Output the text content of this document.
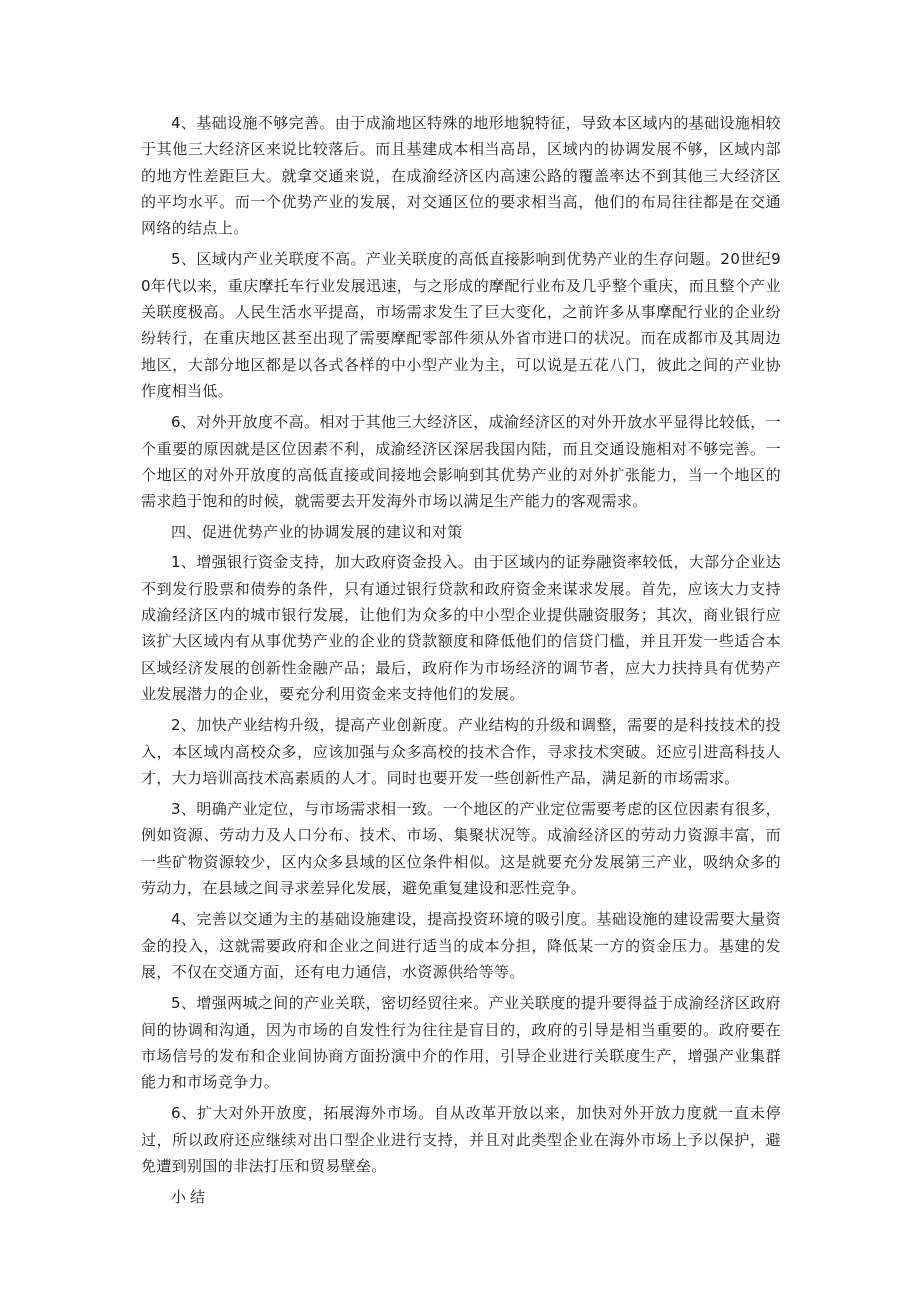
4、基础设施不够完善。由于成渝地区特殊的地形地貌特征，导致本区域内的基础设施相较于其他三大经济区来说比较落后。而且基建成本相当高昂，区域内的协调发展不够，区域内部的地方性差距巨大。就拿交通来说，在成渝经济区内高速公路的覆盖率达不到其他三大经济区的平均水平。而一个优势产业的发展，对交通区位的要求相当高，他们的布局往往都是在交通网络的结点上。

5、区域内产业关联度不高。产业关联度的高低直接影响到优势产业的生存问题。20世纪90年代以来，重庆摩托车行业发展迅速，与之形成的摩配行业布及几乎整个重庆，而且整个产业关联度极高。人民生活水平提高，市场需求发生了巨大变化，之前许多从事摩配行业的企业纷纷转行，在重庆地区甚至出现了需要摩配零部件须从外省市进口的状况。而在成都市及其周边地区，大部分地区都是以各式各样的中小型产业为主，可以说是五花八门，彼此之间的产业协作度相当低。

6、对外开放度不高。相对于其他三大经济区，成渝经济区的对外开放水平显得比较低，一个重要的原因就是区位因素不利，成渝经济区深居我国内陆，而且交通设施相对不够完善。一个地区的对外开放度的高低直接或间接地会影响到其优势产业的对外扩张能力，当一个地区的需求趋于饱和的时候，就需要去开发海外市场以满足生产能力的客观需求。

四、促进优势产业的协调发展的建议和对策

1、增强银行资金支持，加大政府资金投入。由于区域内的证券融资率较低，大部分企业达不到发行股票和债券的条件，只有通过银行贷款和政府资金来谋求发展。首先，应该大力支持成渝经济区内的城市银行发展，让他们为众多的中小型企业提供融资服务；其次，商业银行应该扩大区域内有从事优势产业的企业的贷款额度和降低他们的信贷门槛，并且开发一些适合本区域经济发展的创新性金融产品；最后，政府作为市场经济的调节者，应大力扶持具有优势产业发展潜力的企业，要充分利用资金来支持他们的发展。

2、加快产业结构升级，提高产业创新度。产业结构的升级和调整，需要的是科技技术的投入，本区域内高校众多，应该加强与众多高校的技术合作，寻求技术突破。还应引进高科技人才，大力培训高技术高素质的人才。同时也要开发一些创新性产品，满足新的市场需求。

3、明确产业定位，与市场需求相一致。一个地区的产业定位需要考虑的区位因素有很多，例如资源、劳动力及人口分布、技术、市场、集聚状况等。成渝经济区的劳动力资源丰富，而一些矿物资源较少，区内众多县域的区位条件相似。这是就要充分发展第三产业，吸纳众多的劳动力，在县域之间寻求差异化发展，避免重复建设和恶性竞争。

4、完善以交通为主的基础设施建设，提高投资环境的吸引度。基础设施的建设需要大量资金的投入，这就需要政府和企业之间进行适当的成本分担，降低某一方的资金压力。基建的发展，不仅在交通方面，还有电力通信，水资源供给等等。

5、增强两城之间的产业关联，密切经贸往来。产业关联度的提升要得益于成渝经济区政府间的协调和沟通，因为市场的自发性行为往往是盲目的，政府的引导是相当重要的。政府要在市场信号的发布和企业间协商方面扮演中介的作用，引导企业进行关联度生产，增强产业集群能力和市场竞争力。

6、扩大对外开放度，拓展海外市场。自从改革开放以来，加快对外开放力度就一直未停过，所以政府还应继续对出口型企业进行支持，并且对此类型企业在海外市场上予以保护，避免遭到别国的非法打压和贸易壁垒。

小结
